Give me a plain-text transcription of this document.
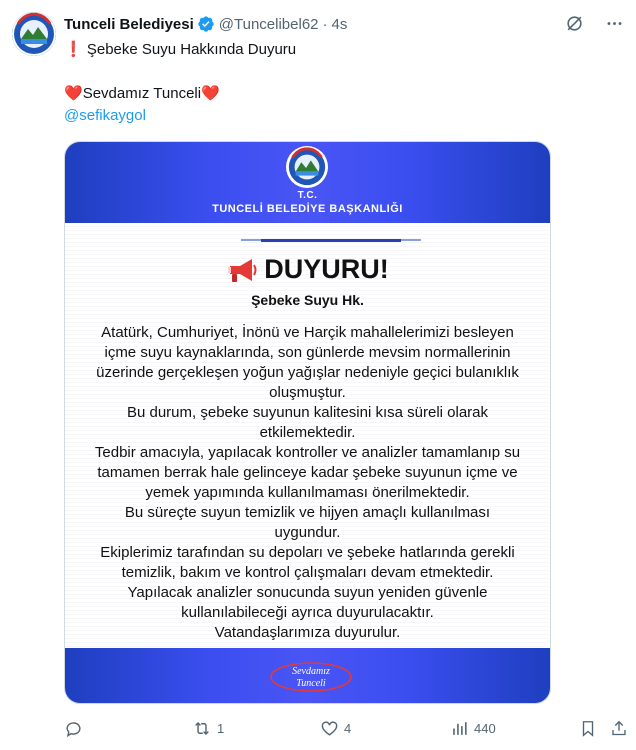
Tunceli Belediyesi @Tuncelibel62 · 4s
❗ Şebeke Suyu Hakkında Duyuru
❤️Sevdamız Tunceli❤️
@sefikaygol
T.C.
TUNCELİ BELEDİYE BAŞKANLIĞI
DUYURU!
Şebeke Suyu Hk.
Atatürk, Cumhuriyet, İnönü ve Harçik mahallelerimizi besleyen
içme suyu kaynaklarında, son günlerde mevsim normallerinin
üzerinde gerçekleşen yoğun yağışlar nedeniyle geçici bulanıklık
oluşmuştur.
Bu durum, şebeke suyunun kalitesini kısa süreli olarak
etkilemektedir.
Tedbir amacıyla, yapılacak kontroller ve analizler tamamlanıp su
tamamen berrak hale gelinceye kadar şebeke suyunun içme ve
yemek yapımında kullanılmaması önerilmektedir.
Bu süreçte suyun temizlik ve hijyen amaçlı kullanılması
uygundur.
Ekiplerimiz tarafından su depoları ve şebeke hatlarında gerekli
temizlik, bakım ve kontrol çalışmaları devam etmektedir.
Yapılacak analizler sonucunda suyun yeniden güvenle
kullanılabileceği ayrıca duyurulacaktır.
Vatandaşlarımıza duyurulur.
Sevdamız
Tunceli
1	4	440
